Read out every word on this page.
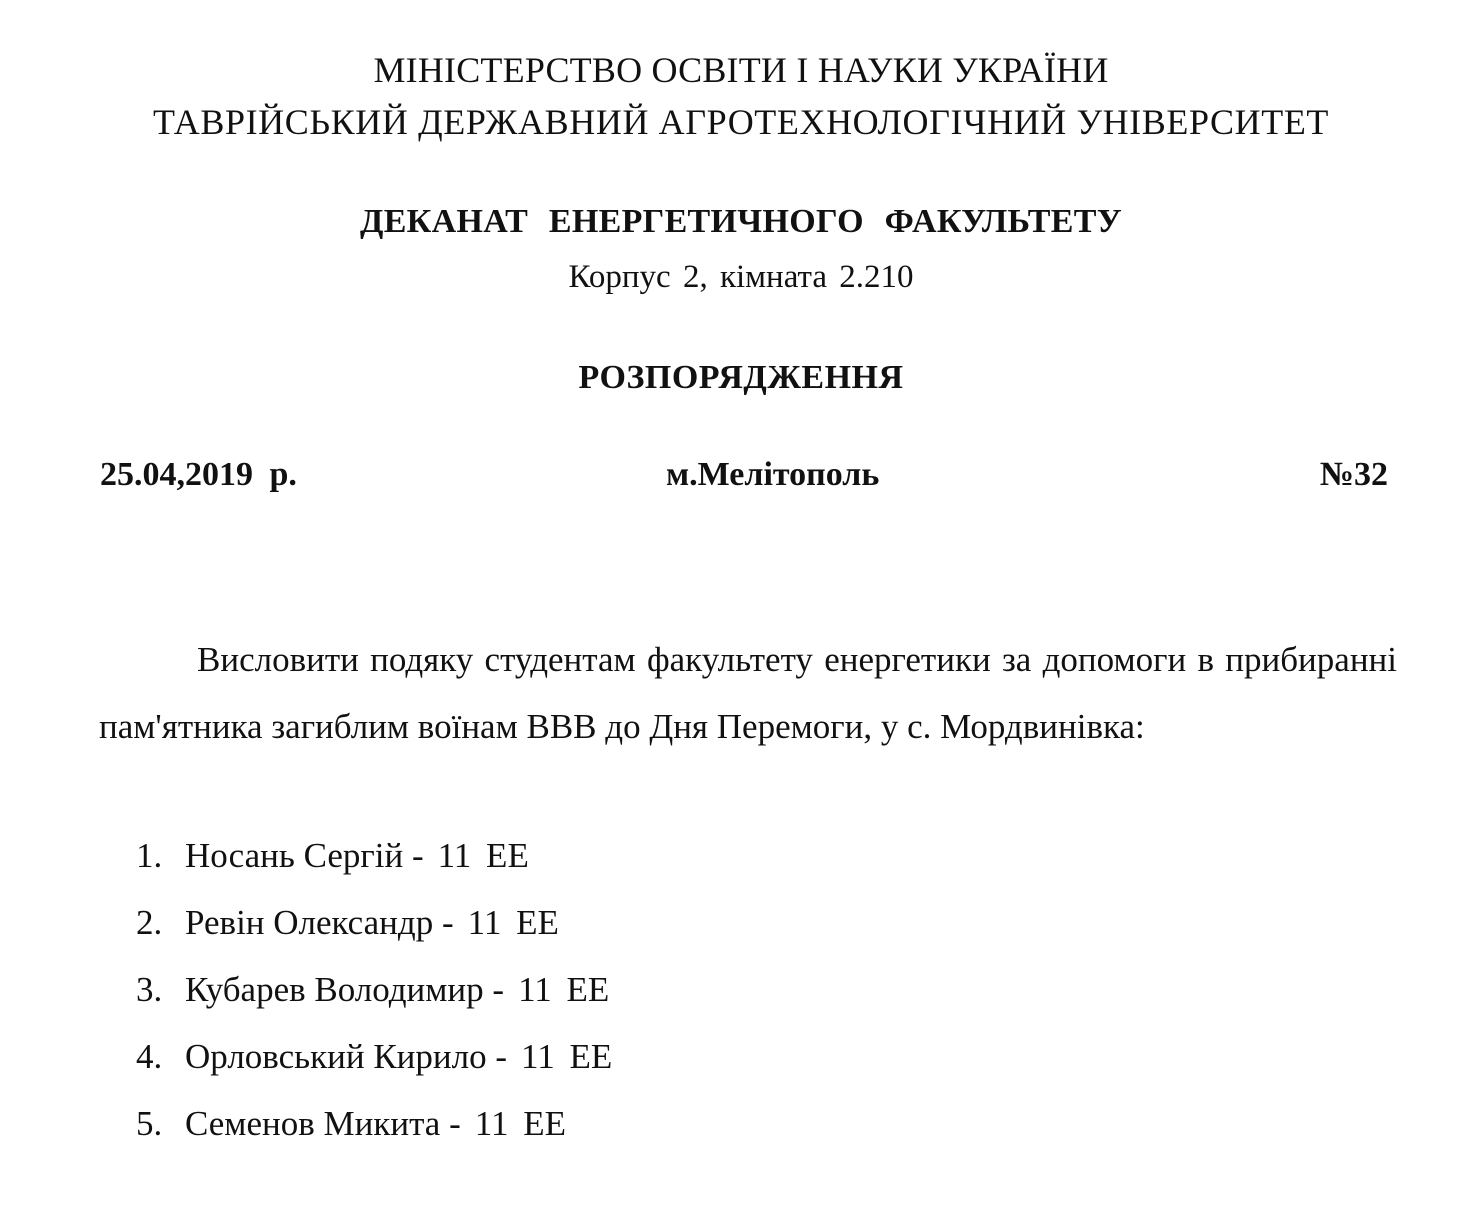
МІНІСТЕРСТВО ОСВІТИ І НАУКИ УКРАЇНИ
ТАВРІЙСЬКИЙ ДЕРЖАВНИЙ АГРОТЕХНОЛОГІЧНИЙ УНІВЕРСИТЕТ
ДЕКАНАТ ЕНЕРГЕТИЧНОГО ФАКУЛЬТЕТУ
Корпус 2, кімната 2.210
РОЗПОРЯДЖЕННЯ
25.04,2019 р.	м.Мелітополь	№32
Висловити подяку студентам факультету енергетики за допомоги в прибиранні пам'ятника загиблим воїнам ВВВ до Дня Перемоги, у с. Мордвинівка:
1. Носань Сергій - 11 ЕЕ
2. Ревін Олександр - 11 ЕЕ
3. Кубарев Володимир - 11 ЕЕ
4. Орловський Кирило - 11 ЕЕ
5. Семенов Микита - 11 ЕЕ
